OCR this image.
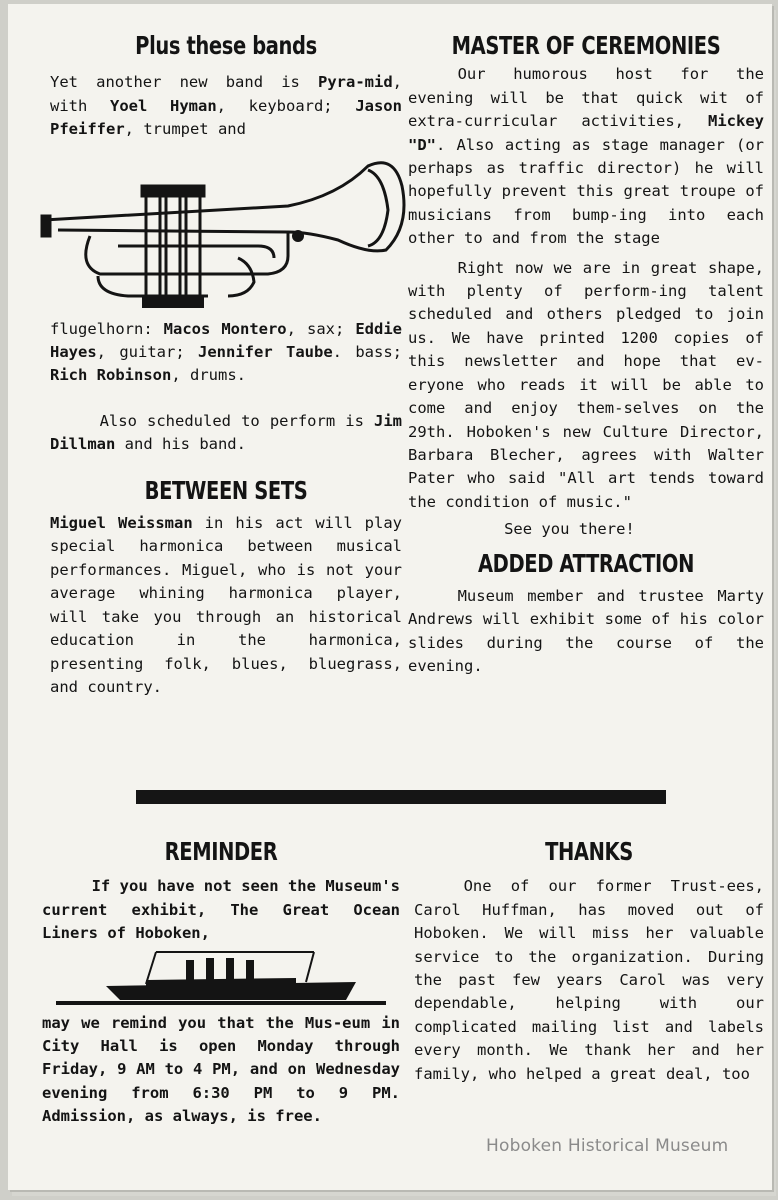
Plus these bands

Yet another new band is Pyra-mid, with Yoel Hyman, keyboard; Jason Pfeiffer, trumpet and

flugelhorn: Macos Montero, sax; Eddie Hayes, guitar; Jennifer Taube. bass; Rich Robinson, drums.

Also scheduled to perform is Jim Dillman and his band.

BETWEEN SETS

Miguel Weissman in his act will play special harmonica between musical performances. Miguel, who is not your average whining harmonica player, will take you through an historical education in the harmonica, presenting folk, blues, bluegrass, and country.

MASTER OF CEREMONIES

Our humorous host for the evening will be that quick wit of extra-curricular activities, Mickey "D". Also acting as stage manager (or perhaps as traffic director) he will hopefully prevent this great troupe of musicians from bump-ing into each other to and from the stage

Right now we are in great shape, with plenty of perform-ing talent scheduled and others pledged to join us. We have printed 1200 copies of this newsletter and hope that ev-eryone who reads it will be able to come and enjoy them-selves on the 29th. Hoboken's new Culture Director, Barbara Blecher, agrees with Walter Pater who said "All art tends toward the condition of music."

See you there!

ADDED ATTRACTION

Museum member and trustee Marty Andrews will exhibit some of his color slides during the course of the evening.

REMINDER

If you have not seen the Museum's current exhibit, The Great Ocean Liners of Hoboken,

may we remind you that the Mus-eum in City Hall is open Monday through Friday, 9 AM to 4 PM, and on Wednesday evening from 6:30 PM to 9 PM. Admission, as always, is free.

THANKS

One of our former Trust-ees, Carol Huffman, has moved out of Hoboken. We will miss her valuable service to the organization. During the past few years Carol was very dependable, helping with our complicated mailing list and labels every month. We thank her and her family, who helped a great deal, too

Hoboken Historical Museum
